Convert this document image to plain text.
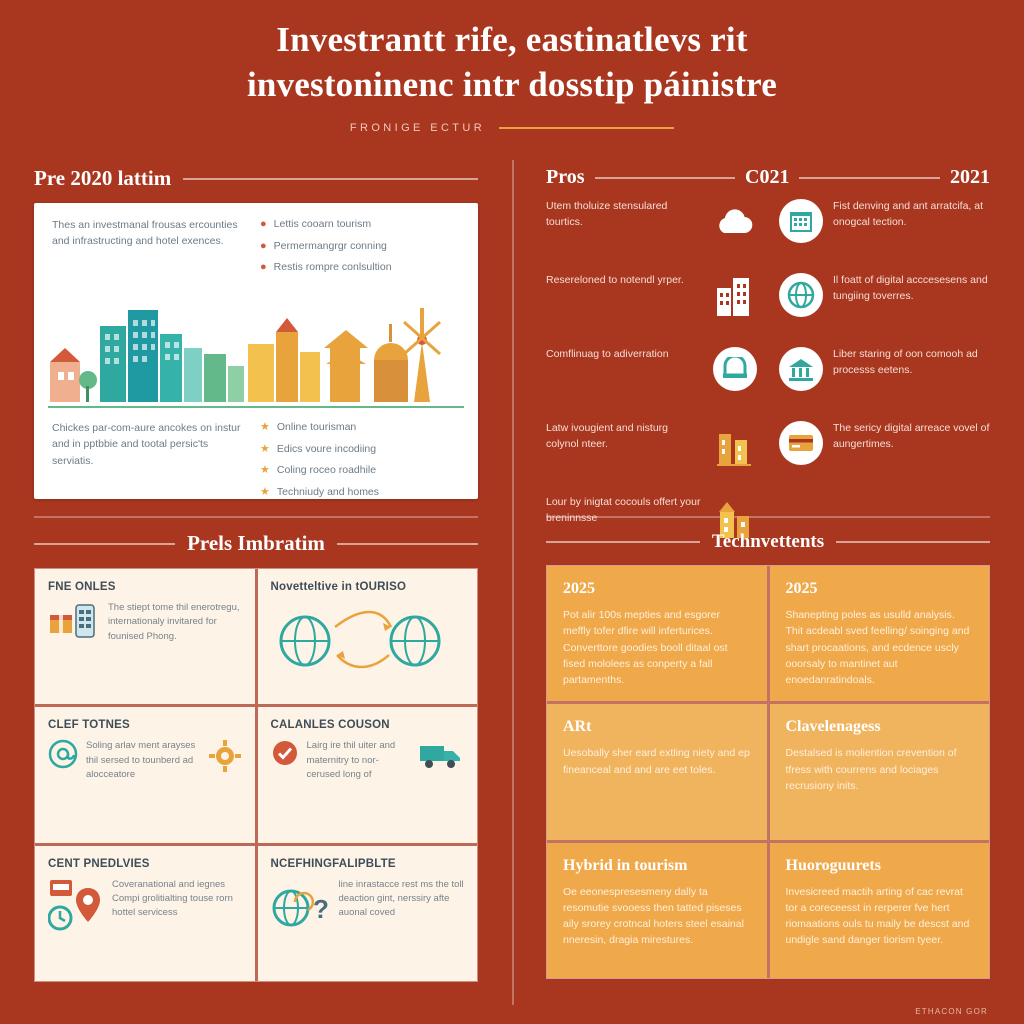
Investrantt rife, eastinatlevs rit
investoninenc intr dosstip páinistre
FRONIGE ECTUR
Pre 2020 lattim
Thes an investmanal frousas ercounties and infrastructing and hotel exences.
● Lettis cooarn tourism
● Permermangrgr conning
● Restis rompre conlsultion
Chickes par-com-aure ancokes on instur and in pptbbie and tootal persic'ts serviatis.
★ Online tourisman
★ Edics voure incodiing
★ Coling roceo roadhile
★ Techniudy and homes
Pros	C021	2021
Utem tholuize stensulared tourtics.
Resereloned to notendl yrper.
Comflinuag to adiverration
Latw ivougient and nisturg colynol nteer.
Lour by inigtat cocouls offert your breninnsse
Fist denving and ant arratcifa, at onogcal tection.
Il foatt of digital acccesesens and tungiing toverres.
Liber staring of oon comooh ad processs eetens.
The sericy digital arreace vovel of aungertimes.
Prels Imbratim
FNE ONLES
The stiept tome thil enerotregu, internationaly invitared for founised Phong.
Novetteltive in tOURISO
CLEF TOTNES
Soling arlav ment arayses thil sersed to tounberd ad alocceatore
CALANLES COUSON
Lairg ire thil uiter and maternitry to nor-cerused long of
CENT PNEDLVIES
Coveranational and iegnes Compi grolitialting touse rorn hottel servicess
NCEFHINGFALIPBLTE
?
line inrastacce rest ms the toll deaction gint, nerssiry afte auonal coved
Technvettents
2025

Pot alir 100s mepties and esgorer meffly tofer dfire will inferturices. Converttore goodies booll ditaal ost fised mololees as conperty a fall partamenths.

2025

Shanepting poles as usulld analysis. Thit acdeabl sved feelling/ soinging and shart procaations, and ecdence uscly ooorsaly to mantinet aut enoedanratindoals.

ARt

Uesobally sher eard extling niety and ep fineanceal and and are eet toles.

Clavelenagess

Destalsed is moliention crevention of tfress with courrens and lociages recrusiony inits.

Hybrid in tourism

Oe eeonespresesmeny dally ta resomutie svooess then tatted piseses aily srorey crotncal hoters steel esainal nneresin, dragia mirestures.

Huoroguurets

Invesicreed mactih arting of cac revrat tor a coreceesst in rerperer fve hert riomaations ouls tu maily be descst and undigle sand danger tiorism tyeer.

ETHACON GOR
